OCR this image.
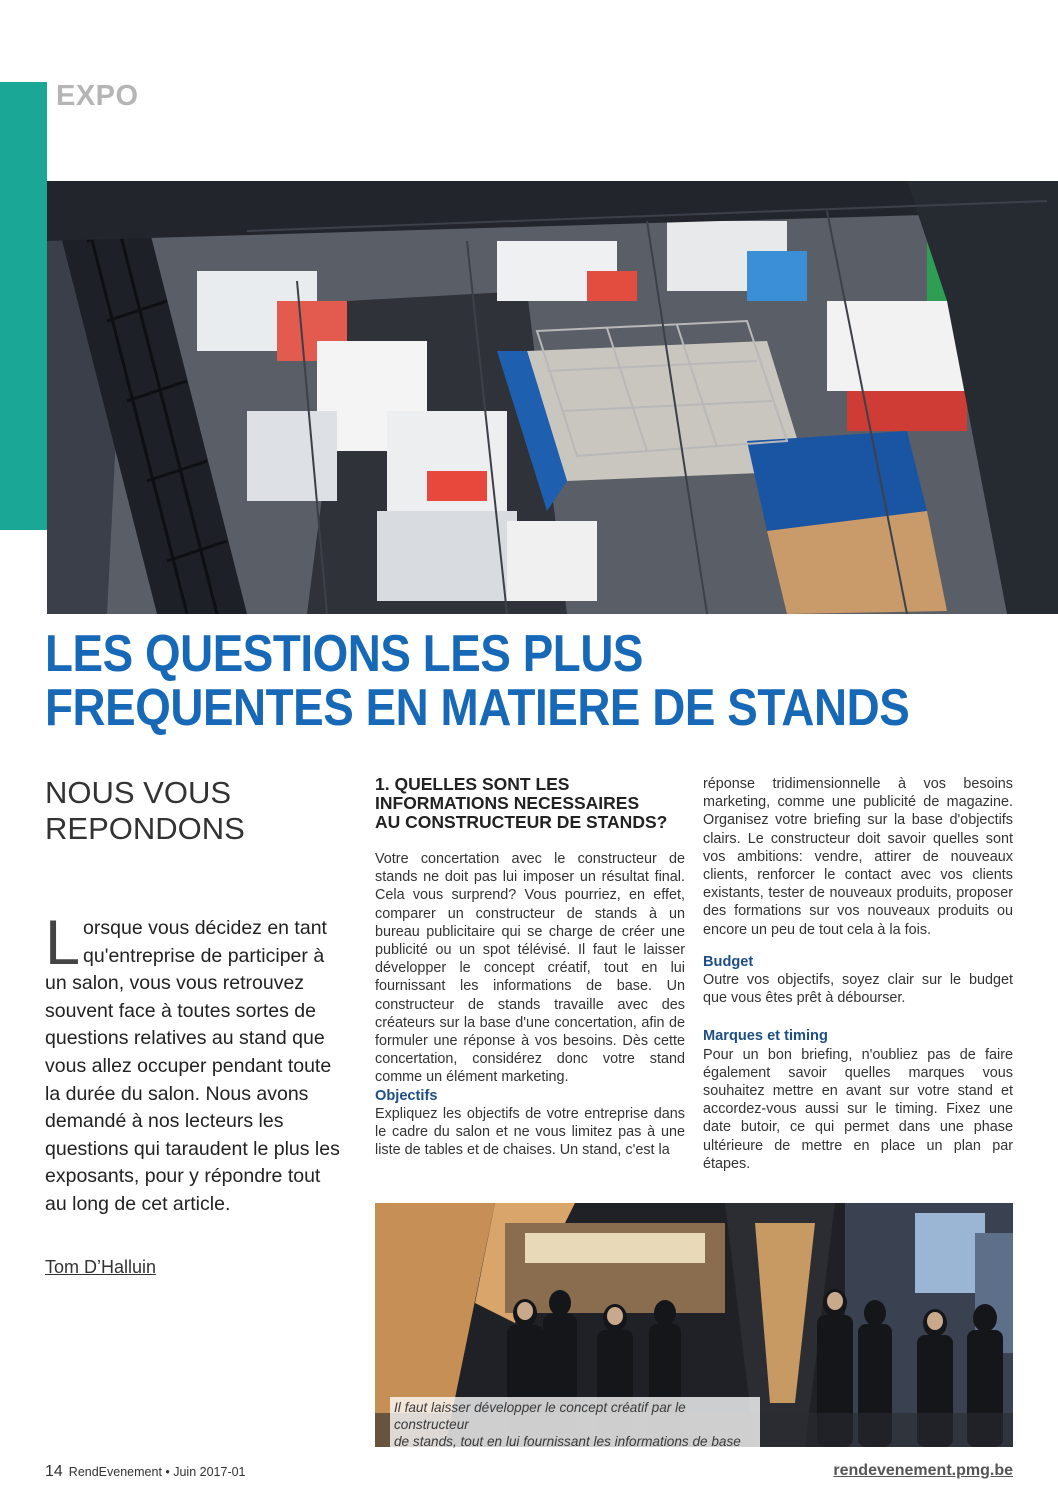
EXPO
LES QUESTIONS LES PLUS
FREQUENTES EN MATIERE DE STANDS
NOUS VOUS
REPONDONS

Lorsque vous décidez en tant qu'entreprise de participer à un salon, vous vous retrouvez souvent face à toutes sortes de questions relatives au stand que vous allez occuper pendant toute la durée du salon. Nous avons demandé à nos lecteurs les questions qui taraudent le plus les exposants, pour y répondre tout au long de cet article.

Tom D’Halluin
1. QUELLES SONT LES
INFORMATIONS NECESSAIRES
AU CONSTRUCTEUR DE STANDS?

Votre concertation avec le constructeur de stands ne doit pas lui imposer un résultat final. Cela vous surprend? Vous pourriez, en effet, comparer un constructeur de stands à un bureau publicitaire qui se charge de créer une publicité ou un spot télévisé. Il faut le laisser développer le concept créatif, tout en lui fournissant les informations de base. Un constructeur de stands travaille avec des créateurs sur la base d'une concertation, afin de formuler une réponse à vos besoins. Dès cette concertation, considérez donc votre stand comme un élément marketing.

Objectifs

Expliquez les objectifs de votre entreprise dans le cadre du salon et ne vous limitez pas à une liste de tables et de chaises. Un stand, c'est la

réponse tridimensionnelle à vos besoins marketing, comme une publicité de magazine. Organisez votre briefing sur la base d'objectifs clairs. Le constructeur doit savoir quelles sont vos ambitions: vendre, attirer de nouveaux clients, renforcer le contact avec vos clients existants, tester de nouveaux produits, proposer des formations sur vos nouveaux produits ou encore un peu de tout cela à la fois.

Budget

Outre vos objectifs, soyez clair sur le budget que vous êtes prêt à débourser.

Marques et timing

Pour un bon briefing, n'oubliez pas de faire également savoir quelles marques vous souhaitez mettre en avant sur votre stand et accordez-vous aussi sur le timing. Fixez une date butoir, ce qui permet dans une phase ultérieure de mettre en place un plan par étapes.

Il faut laisser développer le concept créatif par le constructeur
de stands, tout en lui fournissant les informations de base
14 RendEvenement • Juin 2017-01	rendevenement.pmg.be
